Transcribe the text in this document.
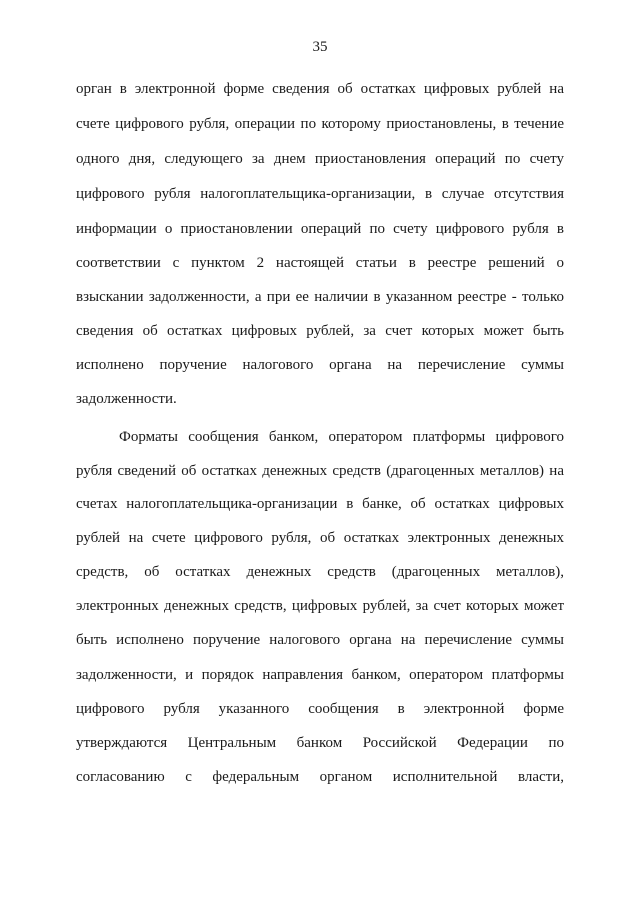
35
орган в электронной форме сведения об остатках цифровых рублей на
счете цифрового рубля, операции по которому приостановлены, в течение
одного дня, следующего за днем приостановления операций по счету
цифрового рубля налогоплательщика-организации, в случае отсутствия
информации о приостановлении операций по счету цифрового рубля в
соответствии с пунктом 2 настоящей статьи в реестре решений о
взыскании задолженности, а при ее наличии в указанном реестре - только
сведения об остатках цифровых рублей, за счет которых может быть
исполнено поручение налогового органа на перечисление суммы
задолженности.
Форматы сообщения банком, оператором платформы цифрового
рубля сведений об остатках денежных средств (драгоценных металлов) на
счетах налогоплательщика-организации в банке, об остатках цифровых
рублей на счете цифрового рубля, об остатках электронных денежных
средств, об остатках денежных средств (драгоценных металлов),
электронных денежных средств, цифровых рублей, за счет которых может
быть исполнено поручение налогового органа на перечисление суммы
задолженности, и порядок направления банком, оператором платформы
цифрового рубля указанного сообщения в электронной форме
утверждаются Центральным банком Российской Федерации по
согласованию с федеральным органом исполнительной власти,
